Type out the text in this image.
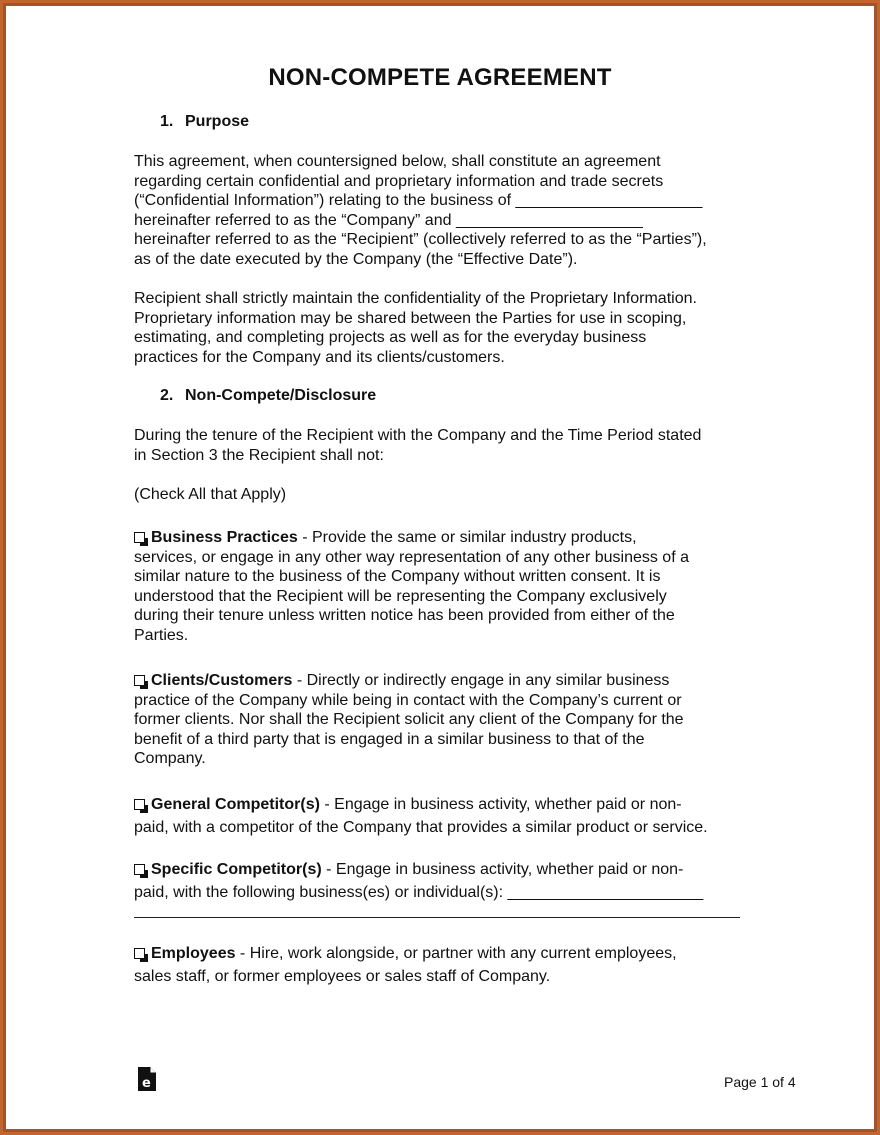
NON-COMPETE AGREEMENT
1. Purpose
This agreement, when countersigned below, shall constitute an agreement
regarding certain confidential and proprietary information and trade secrets
(“Confidential Information”) relating to the business of _____________________
hereinafter referred to as the “Company” and _____________________
hereinafter referred to as the “Recipient” (collectively referred to as the “Parties”),
as of the date executed by the Company (the “Effective Date”).
Recipient shall strictly maintain the confidentiality of the Proprietary Information.
Proprietary information may be shared between the Parties for use in scoping,
estimating, and completing projects as well as for the everyday business
practices for the Company and its clients/customers.
2. Non-Compete/Disclosure
During the tenure of the Recipient with the Company and the Time Period stated
in Section 3 the Recipient shall not:
(Check All that Apply)
Business Practices - Provide the same or similar industry products,
services, or engage in any other way representation of any other business of a
similar nature to the business of the Company without written consent. It is
understood that the Recipient will be representing the Company exclusively
during their tenure unless written notice has been provided from either of the
Parties.
Clients/Customers - Directly or indirectly engage in any similar business
practice of the Company while being in contact with the Company’s current or
former clients. Nor shall the Recipient solicit any client of the Company for the
benefit of a third party that is engaged in a similar business to that of the
Company.
General Competitor(s) - Engage in business activity, whether paid or non-
paid, with a competitor of the Company that provides a similar product or service.
Specific Competitor(s) - Engage in business activity, whether paid or non-
paid, with the following business(es) or individual(s): ______________________
Employees - Hire, work alongside, or partner with any current employees,
sales staff, or former employees or sales staff of Company.
e	Page 1 of 4
